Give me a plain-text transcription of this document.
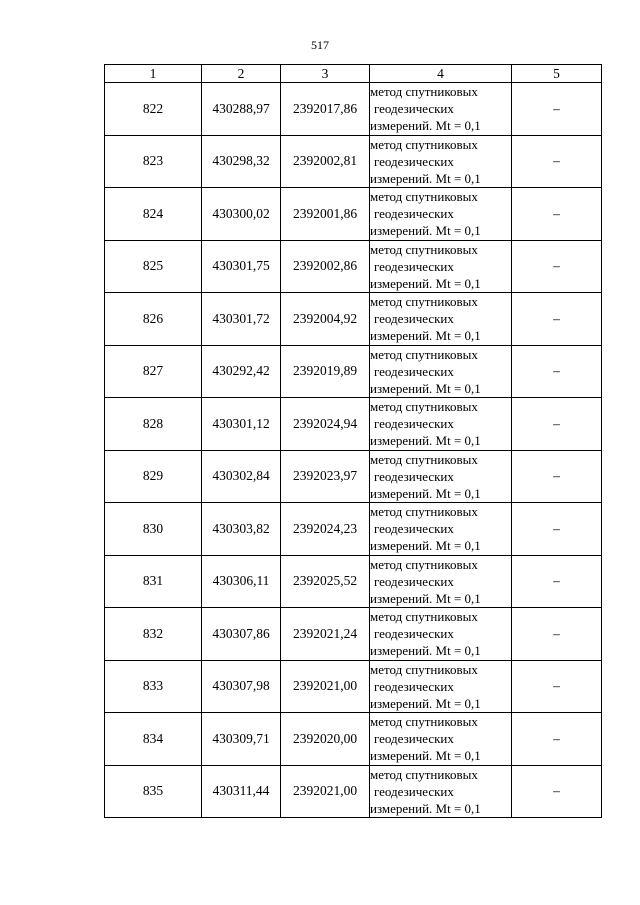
517
1	2	3	4	5
822	430288,97	2392017,86	метод спутниковых
геодезических
измерений. Mt = 0,1	–
823	430298,32	2392002,81	метод спутниковых
геодезических
измерений. Mt = 0,1	–
824	430300,02	2392001,86	метод спутниковых
геодезических
измерений. Mt = 0,1	–
825	430301,75	2392002,86	метод спутниковых
геодезических
измерений. Mt = 0,1	–
826	430301,72	2392004,92	метод спутниковых
геодезических
измерений. Mt = 0,1	–
827	430292,42	2392019,89	метод спутниковых
геодезических
измерений. Mt = 0,1	–
828	430301,12	2392024,94	метод спутниковых
геодезических
измерений. Mt = 0,1	–
829	430302,84	2392023,97	метод спутниковых
геодезических
измерений. Mt = 0,1	–
830	430303,82	2392024,23	метод спутниковых
геодезических
измерений. Mt = 0,1	–
831	430306,11	2392025,52	метод спутниковых
геодезических
измерений. Mt = 0,1	–
832	430307,86	2392021,24	метод спутниковых
геодезических
измерений. Mt = 0,1	–
833	430307,98	2392021,00	метод спутниковых
геодезических
измерений. Mt = 0,1	–
834	430309,71	2392020,00	метод спутниковых
геодезических
измерений. Mt = 0,1	–
835	430311,44	2392021,00	метод спутниковых
геодезических
измерений. Mt = 0,1	–
